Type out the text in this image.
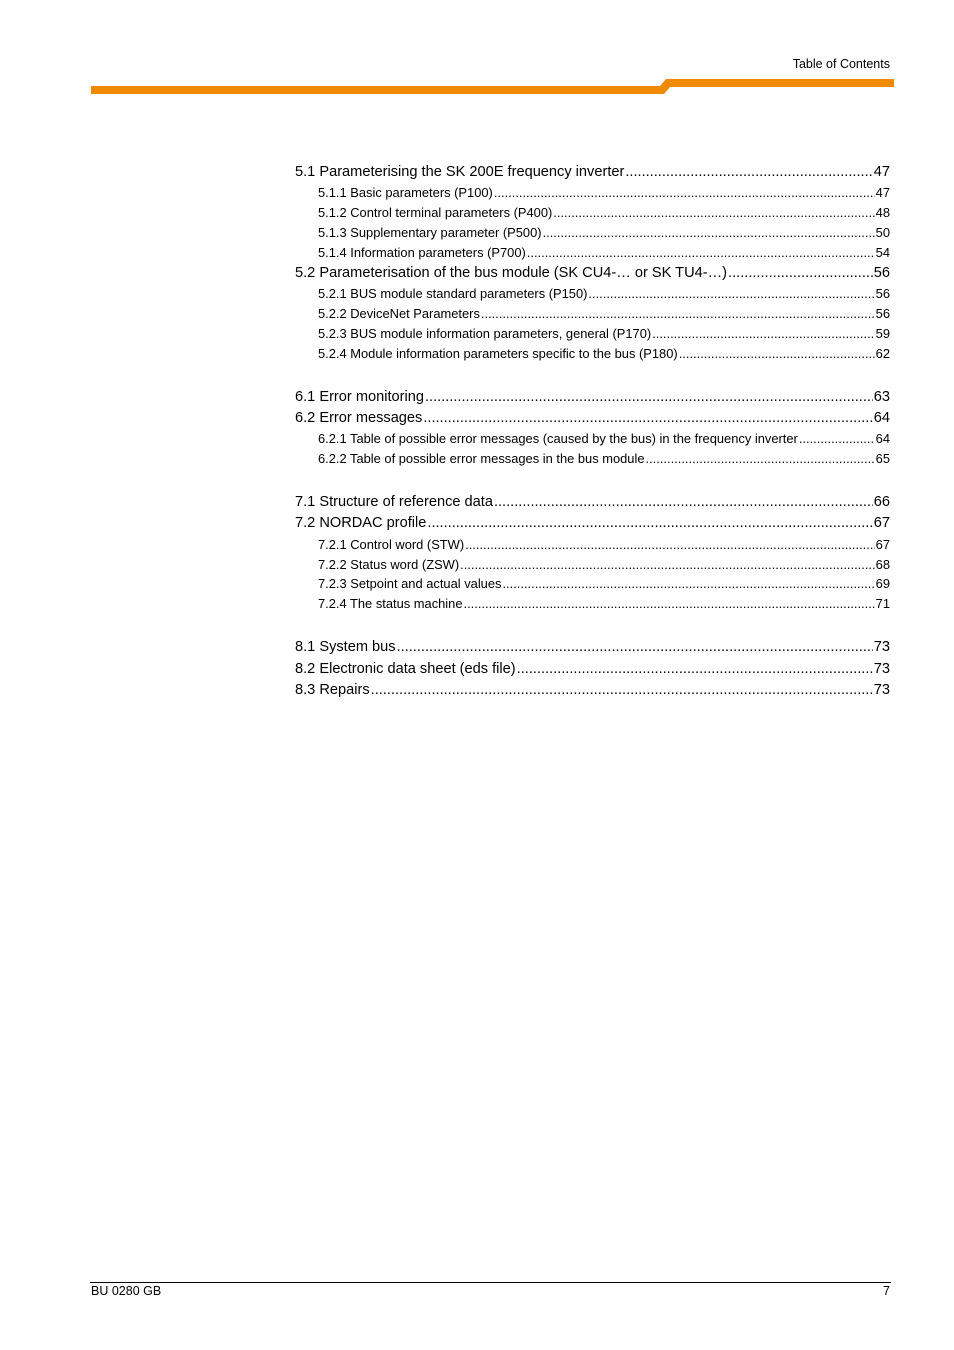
Table of Contents
5.1 Parameterising the SK 200E frequency inverter .....	47
5.1.1 Basic parameters (P100) .....	47
5.1.2 Control terminal parameters (P400) .....	48
5.1.3 Supplementary parameter (P500) .....	50
5.1.4 Information parameters (P700) .....	54
5.2 Parameterisation of the bus module (SK CU4-… or SK TU4-…) .....	56
5.2.1 BUS module standard parameters (P150) .....	56
5.2.2 DeviceNet Parameters .....	56
5.2.3 BUS module information parameters, general (P170) .....	59
5.2.4 Module information parameters specific to the bus (P180) .....	62
6.1 Error monitoring .....	63
6.2 Error messages .....	64
6.2.1 Table of possible error messages (caused by the bus) in the frequency inverter .....	64
6.2.2 Table of possible error messages in the bus module .....	65
7.1 Structure of reference data .....	66
7.2 NORDAC profile .....	67
7.2.1 Control word (STW) .....	67
7.2.2 Status word (ZSW) .....	68
7.2.3 Setpoint and actual values .....	69
7.2.4 The status machine .....	71
8.1 System bus .....	73
8.2 Electronic data sheet (eds file) .....	73
8.3 Repairs .....	73
BU 0280 GB	7
